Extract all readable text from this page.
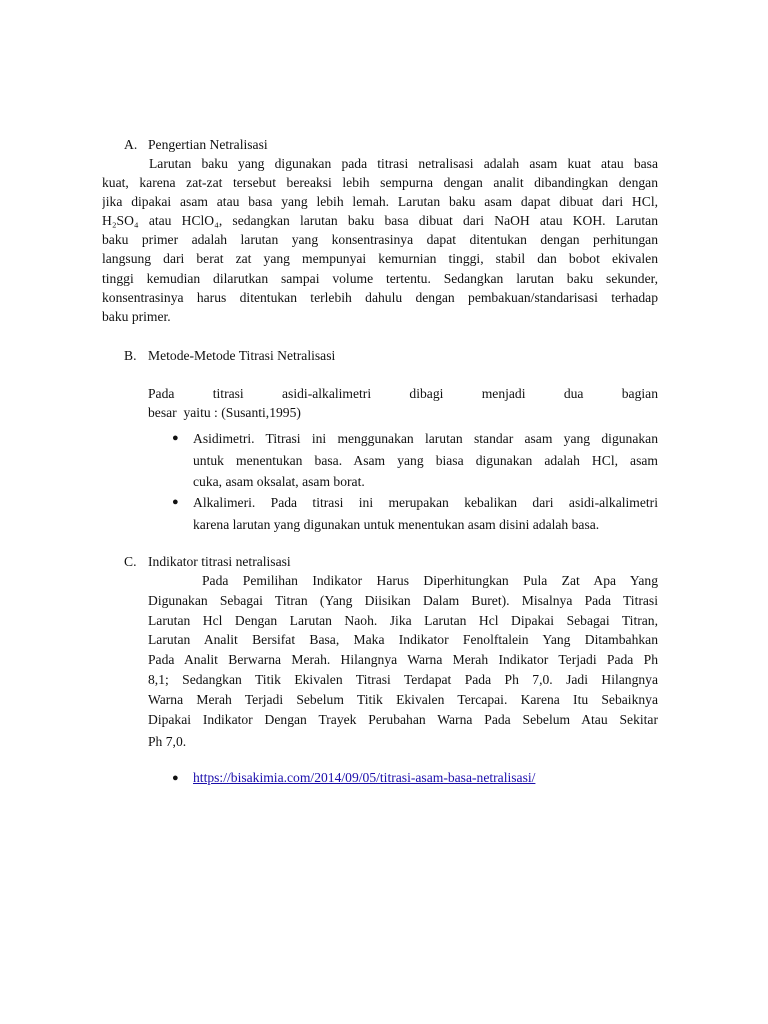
A. Pengertian Netralisasi
Larutan baku yang digunakan pada titrasi netralisasi adalah asam kuat atau basa
kuat, karena zat-zat tersebut bereaksi lebih sempurna dengan analit dibandingkan dengan
jika dipakai asam atau basa yang lebih lemah. Larutan baku asam dapat dibuat dari HCl,
H₂SO₄ atau HClO₄, sedangkan larutan baku basa dibuat dari NaOH atau KOH. Larutan
baku primer adalah larutan yang konsentrasinya dapat ditentukan dengan perhitungan
langsung dari berat zat yang mempunyai kemurnian tinggi, stabil dan bobot ekivalen
tinggi kemudian dilarutkan sampai volume tertentu. Sedangkan larutan baku sekunder,
konsentrasinya harus ditentukan terlebih dahulu dengan pembakuan/standarisasi terhadap
baku primer.
B. Metode-Metode Titrasi Netralisasi
Pada titrasi asidi-alkalimetri dibagi menjadi dua bagian
besar  yaitu : (Susanti,1995)
● Asidimetri. Titrasi ini menggunakan larutan standar asam yang digunakan
untuk menentukan basa. Asam yang biasa digunakan adalah HCl, asam
cuka, asam oksalat, asam borat.
● Alkalimeri. Pada titrasi ini merupakan kebalikan dari asidi-alkalimetri
karena larutan yang digunakan untuk menentukan asam disini adalah basa.
C. Indikator titrasi netralisasi
Pada Pemilihan Indikator Harus Diperhitungkan Pula Zat Apa Yang
Digunakan Sebagai Titran (Yang Diisikan Dalam Buret). Misalnya Pada Titrasi
Larutan Hcl Dengan Larutan Naoh. Jika Larutan Hcl Dipakai Sebagai Titran,
Larutan Analit Bersifat Basa, Maka Indikator Fenolftalein Yang Ditambahkan
Pada Analit Berwarna Merah. Hilangnya Warna Merah Indikator Terjadi Pada Ph
8,1; Sedangkan Titik Ekivalen Titrasi Terdapat Pada Ph 7,0. Jadi Hilangnya
Warna Merah Terjadi Sebelum Titik Ekivalen Tercapai. Karena Itu Sebaiknya
Dipakai Indikator Dengan Trayek Perubahan Warna Pada Sebelum Atau Sekitar
Ph 7,0.
● https://bisakimia.com/2014/09/05/titrasi-asam-basa-netralisasi/
